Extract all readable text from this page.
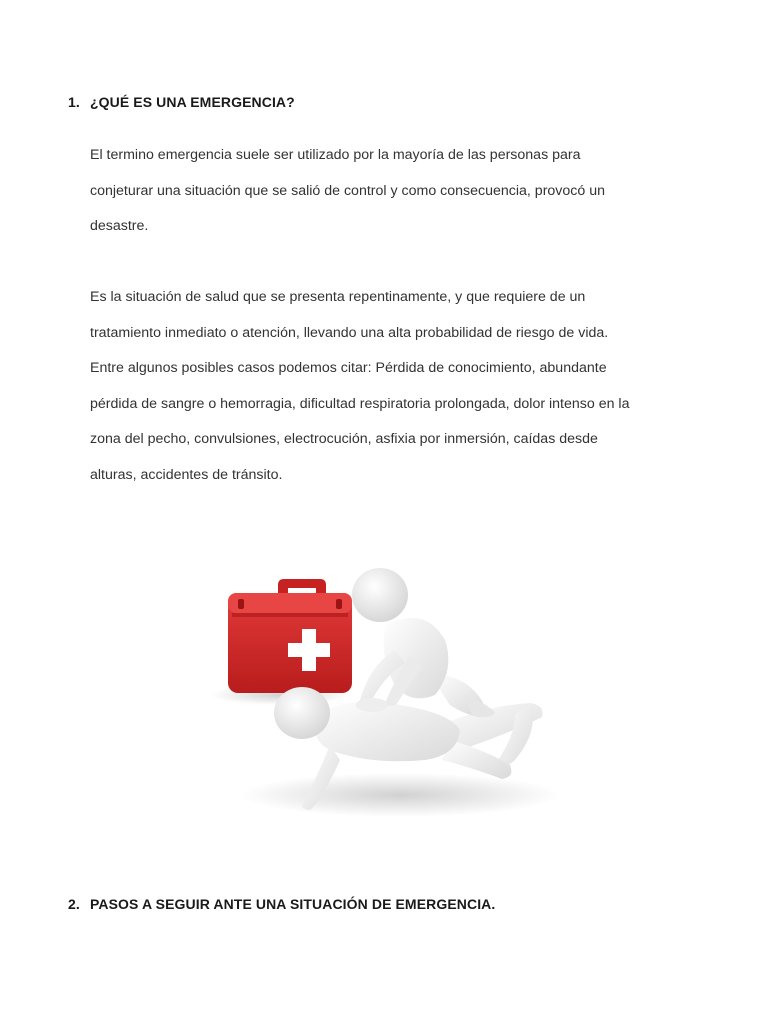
1. ¿QUÉ ES UNA EMERGENCIA?
El termino emergencia suele ser utilizado por la mayoría de las personas para
conjeturar una situación que se salió de control y como consecuencia, provocó un
desastre.
Es la situación de salud que se presenta repentinamente, y que requiere de un
tratamiento inmediato o atención, llevando una alta probabilidad de riesgo de vida.
Entre algunos posibles casos podemos citar: Pérdida de conocimiento, abundante
pérdida de sangre o hemorragia, dificultad respiratoria prolongada, dolor intenso en la
zona del pecho, convulsiones, electrocución, asfixia por inmersión, caídas desde
alturas, accidentes de tránsito.
2. PASOS A SEGUIR ANTE UNA SITUACIÓN DE EMERGENCIA.
